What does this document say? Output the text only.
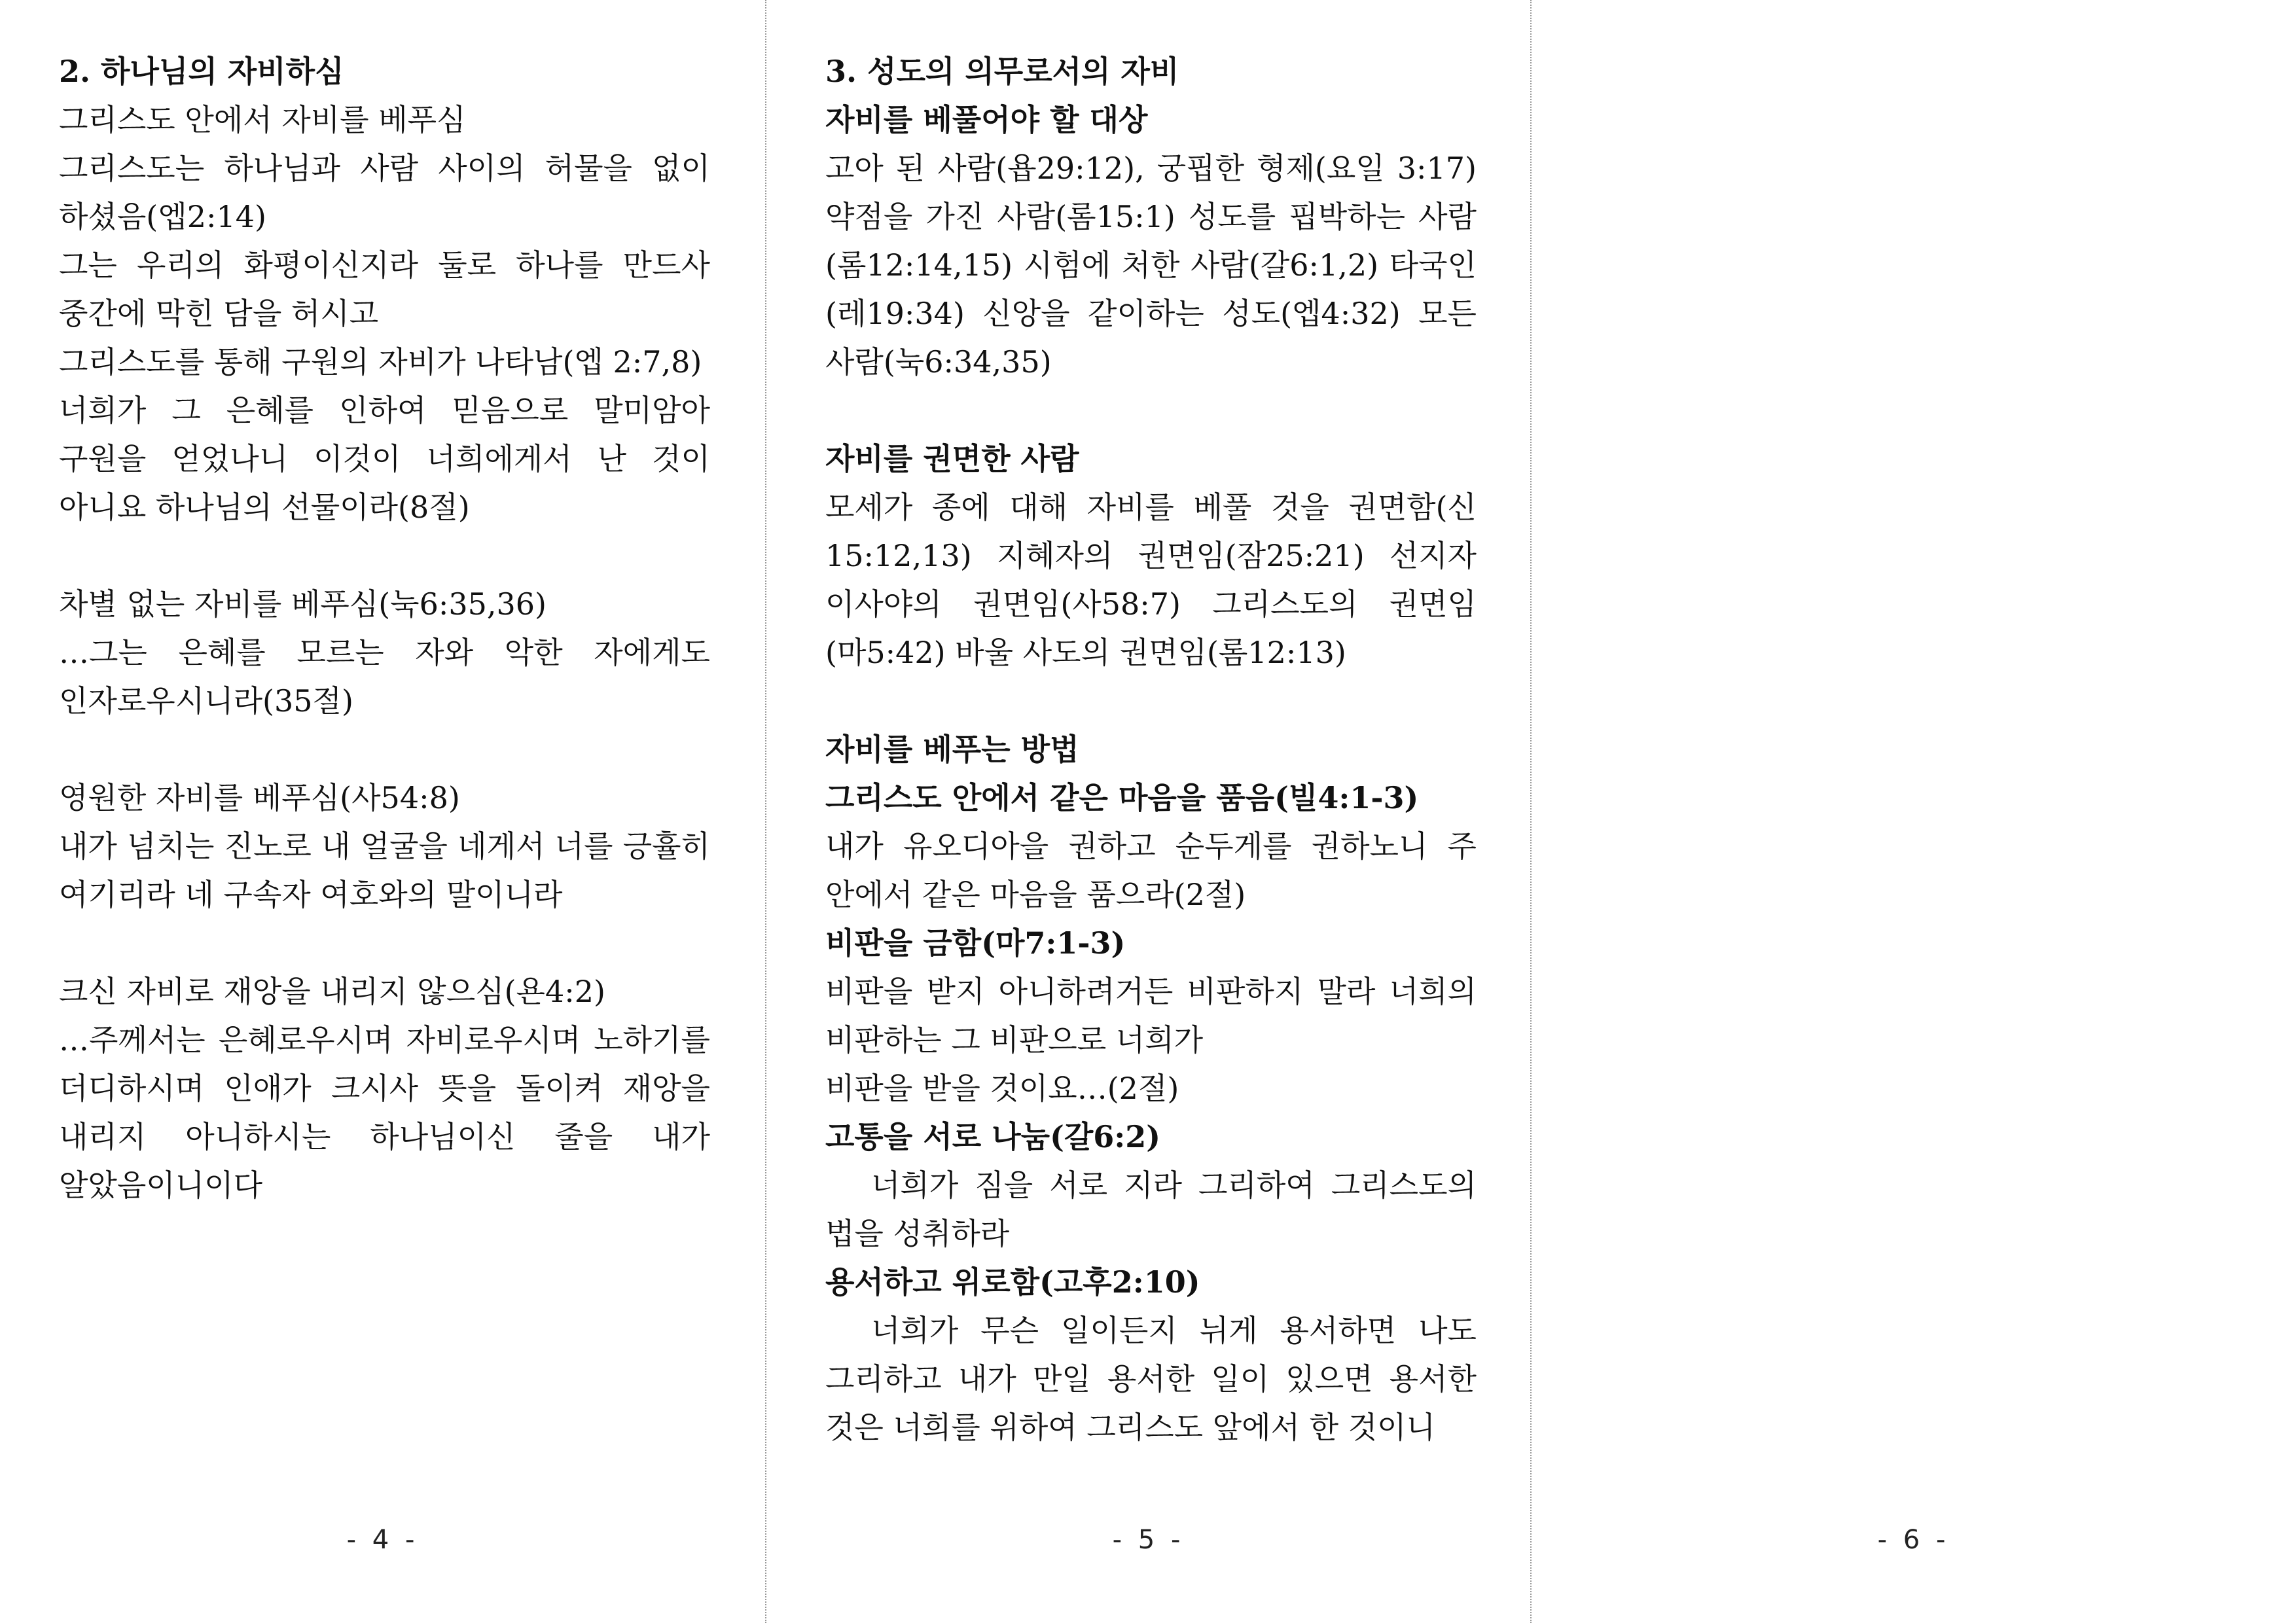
2. 하나님의 자비하심

그리스도 안에서 자비를 베푸심

그리스도는 하나님과 사람 사이의 허물을 없이 하셨음(엡2:14)

그는 우리의 화평이신지라 둘로 하나를 만드사 중간에 막힌 담을 허시고

그리스도를 통해 구원의 자비가 나타남(엡 2:7,8)

너희가 그 은혜를 인하여 믿음으로 말미암아 구원을 얻었나니 이것이 너희에게서 난 것이 아니요 하나님의 선물이라(8절)

차별 없는 자비를 베푸심(눅6:35,36)

…그는 은혜를 모르는 자와 악한 자에게도 인자로우시니라(35절)

영원한 자비를 베푸심(사54:8)

내가 넘치는 진노로 내 얼굴을 네게서 너를 긍휼히 여기리라 네 구속자 여호와의 말이니라

크신 자비로 재앙을 내리지 않으심(욘4:2)

…주께서는 은혜로우시며 자비로우시며 노하기를 더디하시며 인애가 크시사 뜻을 돌이켜 재앙을 내리지 아니하시는 하나님이신 줄을 내가 알았음이니이다

- 4 -

3. 성도의 의무로서의 자비

자비를 베풀어야 할 대상

고아 된 사람(욥29:12), 궁핍한 형제(요일 3:17) 약점을 가진 사람(롬15:1) 성도를 핍박하는 사람(롬12:14,15) 시험에 처한 사람(갈6:1,2) 타국인(레19:34) 신앙을 같이하는 성도(엡4:32) 모든 사람(눅6:34,35)

자비를 권면한 사람

모세가 종에 대해 자비를 베풀 것을 권면함(신 15:12,13) 지혜자의 권면임(잠25:21) 선지자 이사야의 권면임(사58:7) 그리스도의 권면임(마5:42) 바울 사도의 권면임(롬12:13)

자비를 베푸는 방법

그리스도 안에서 같은 마음을 품음(빌4:1-3)

내가 유오디아을 권하고 순두게를 권하노니 주 안에서 같은 마음을 품으라(2절)

비판을 금함(마7:1-3)

비판을 받지 아니하려거든 비판하지 말라 너희의 비판하는 그 비판으로 너희가

비판을 받을 것이요…(2절)

고통을 서로 나눔(갈6:2)

너희가 짐을 서로 지라 그리하여 그리스도의 법을 성취하라

용서하고 위로함(고후2:10)

너희가 무슨 일이든지 뉘게 용서하면 나도 그리하고 내가 만일 용서한 일이 있으면 용서한 것은 너희를 위하여 그리스도 앞에서 한 것이니

- 5 -	- 6 -
